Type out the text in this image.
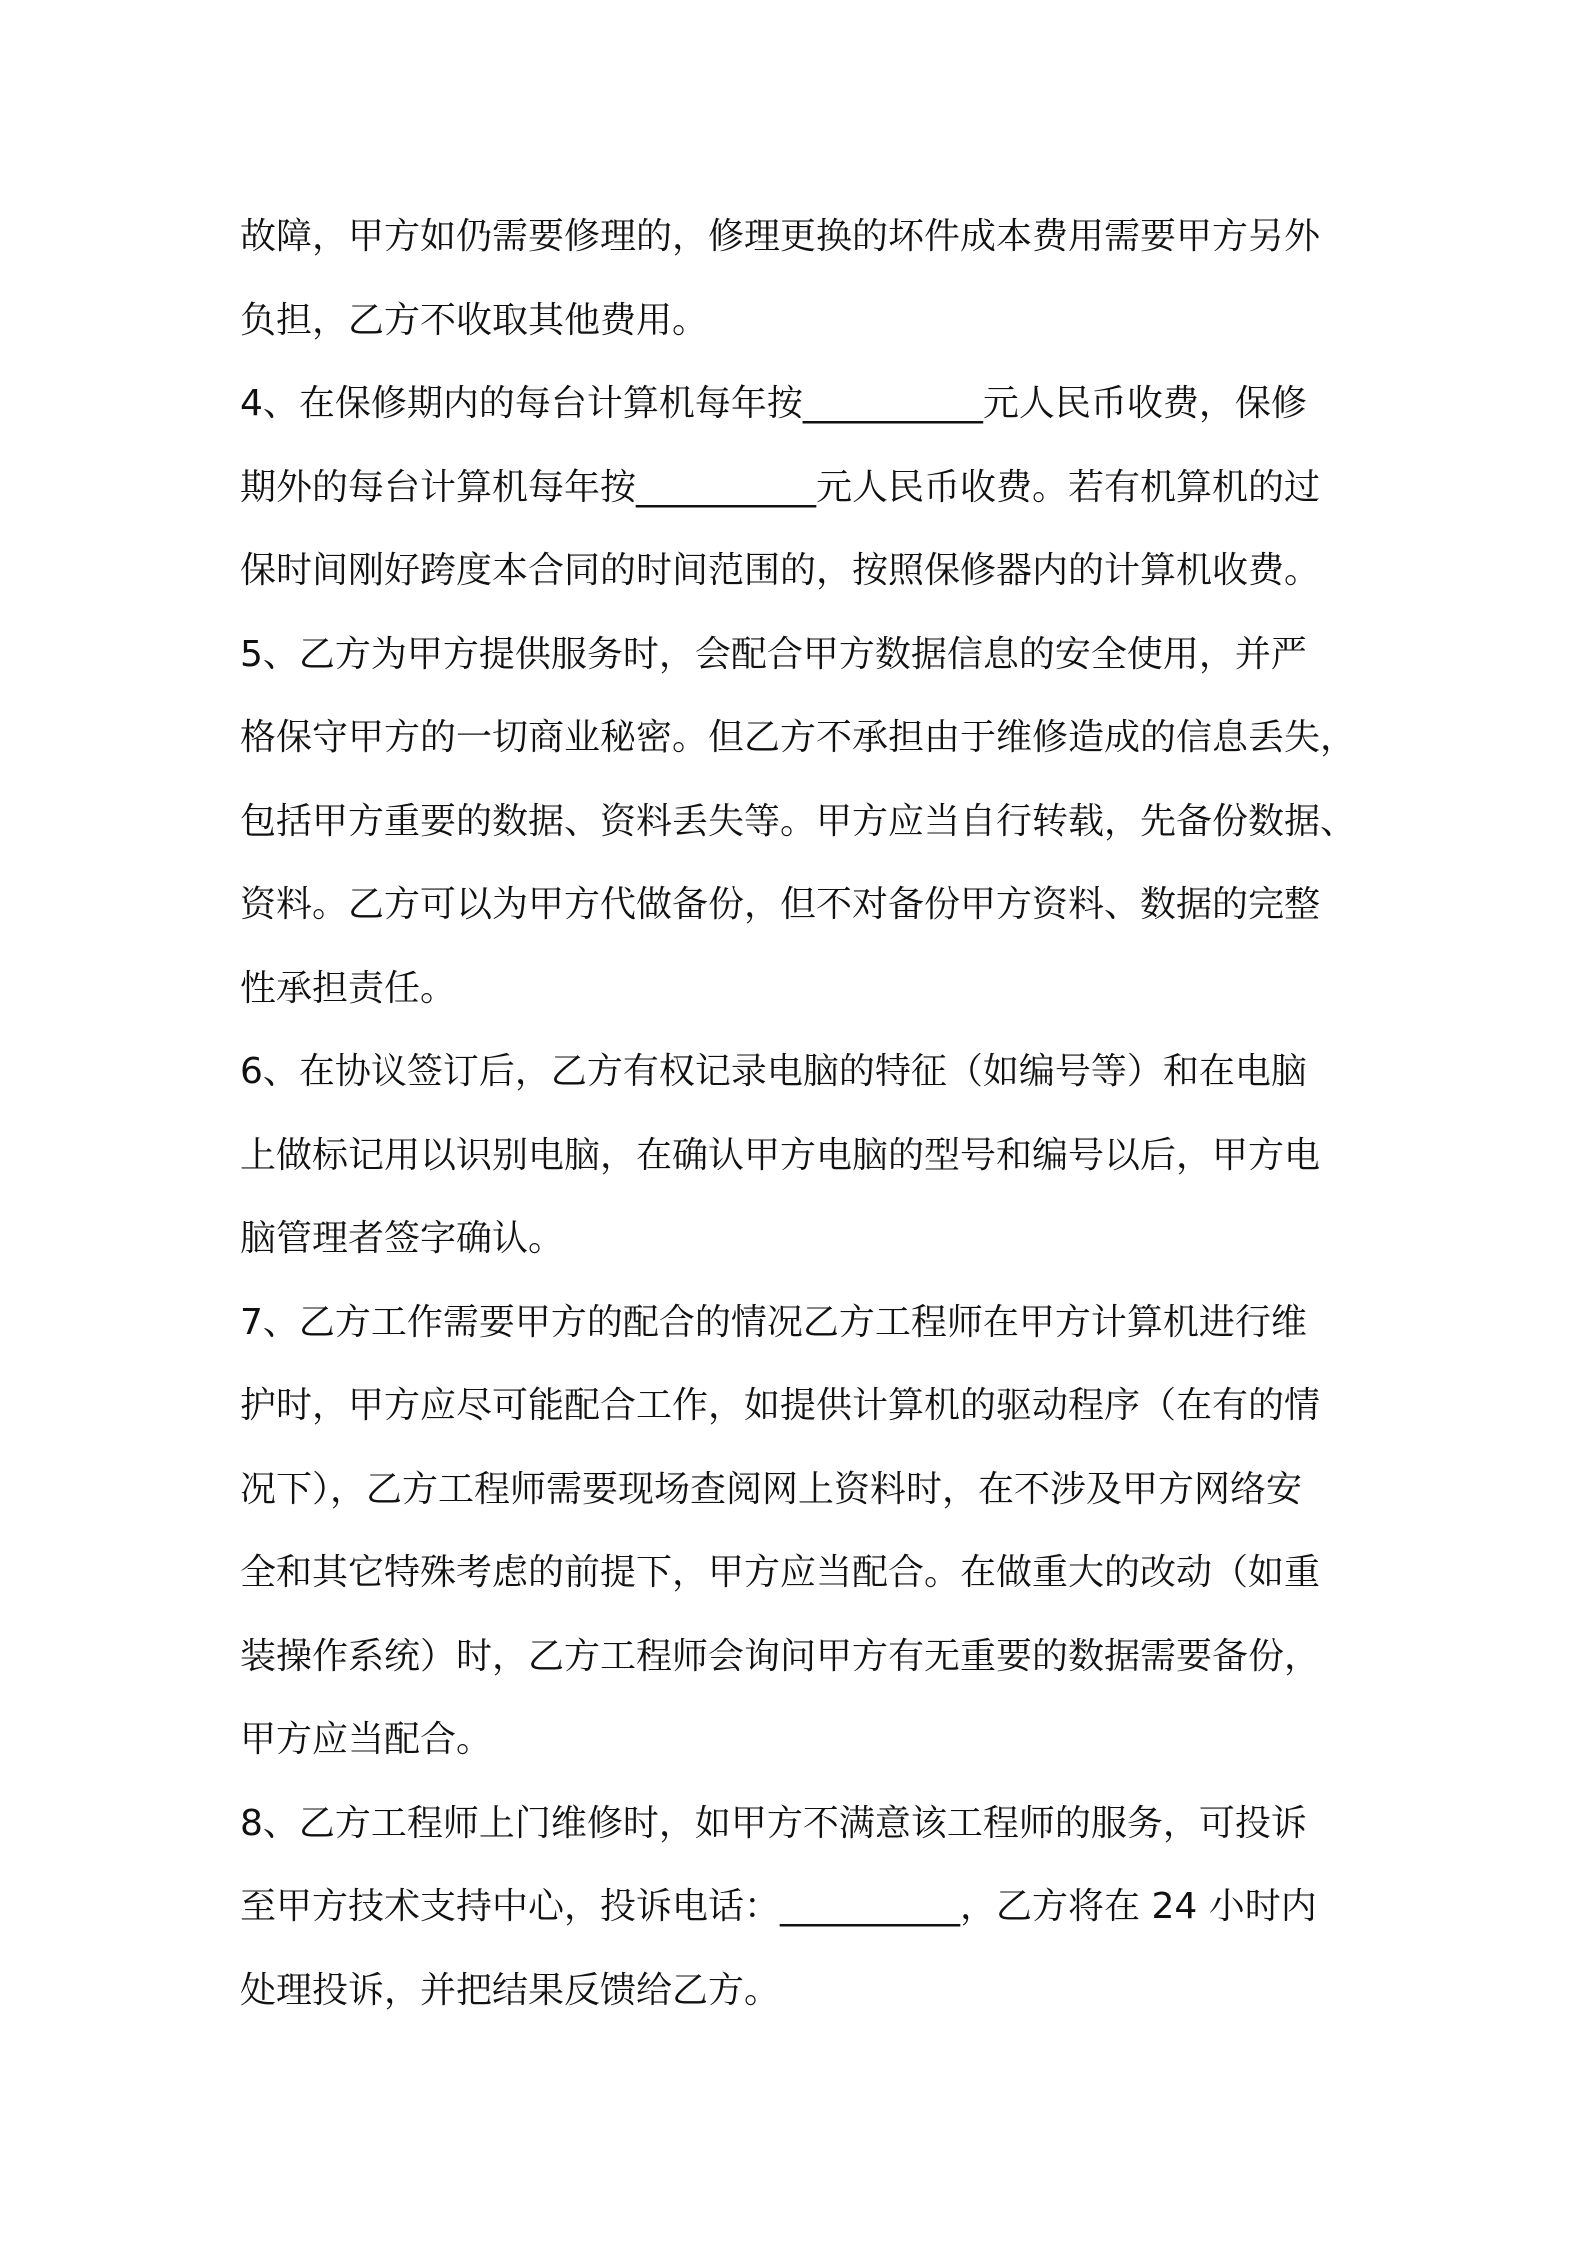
故障，甲方如仍需要修理的，修理更换的坏件成本费用需要甲方另外
负担，乙方不收取其他费用。
4、在保修期内的每台计算机每年按__________元人民币收费，保修
期外的每台计算机每年按__________元人民币收费。若有机算机的过
保时间刚好跨度本合同的时间范围的，按照保修器内的计算机收费。
5、乙方为甲方提供服务时，会配合甲方数据信息的安全使用，并严
格保守甲方的一切商业秘密。但乙方不承担由于维修造成的信息丢失，
包括甲方重要的数据、资料丢失等。甲方应当自行转载，先备份数据、
资料。乙方可以为甲方代做备份，但不对备份甲方资料、数据的完整
性承担责任。
6、在协议签订后，乙方有权记录电脑的特征（如编号等）和在电脑
上做标记用以识别电脑，在确认甲方电脑的型号和编号以后，甲方电
脑管理者签字确认。
7、乙方工作需要甲方的配合的情况乙方工程师在甲方计算机进行维
护时，甲方应尽可能配合工作，如提供计算机的驱动程序（在有的情
况下），乙方工程师需要现场查阅网上资料时，在不涉及甲方网络安
全和其它特殊考虑的前提下，甲方应当配合。在做重大的改动（如重
装操作系统）时，乙方工程师会询问甲方有无重要的数据需要备份，
甲方应当配合。
8、乙方工程师上门维修时，如甲方不满意该工程师的服务，可投诉
至甲方技术支持中心，投诉电话：__________，乙方将在 24 小时内
处理投诉，并把结果反馈给乙方。
